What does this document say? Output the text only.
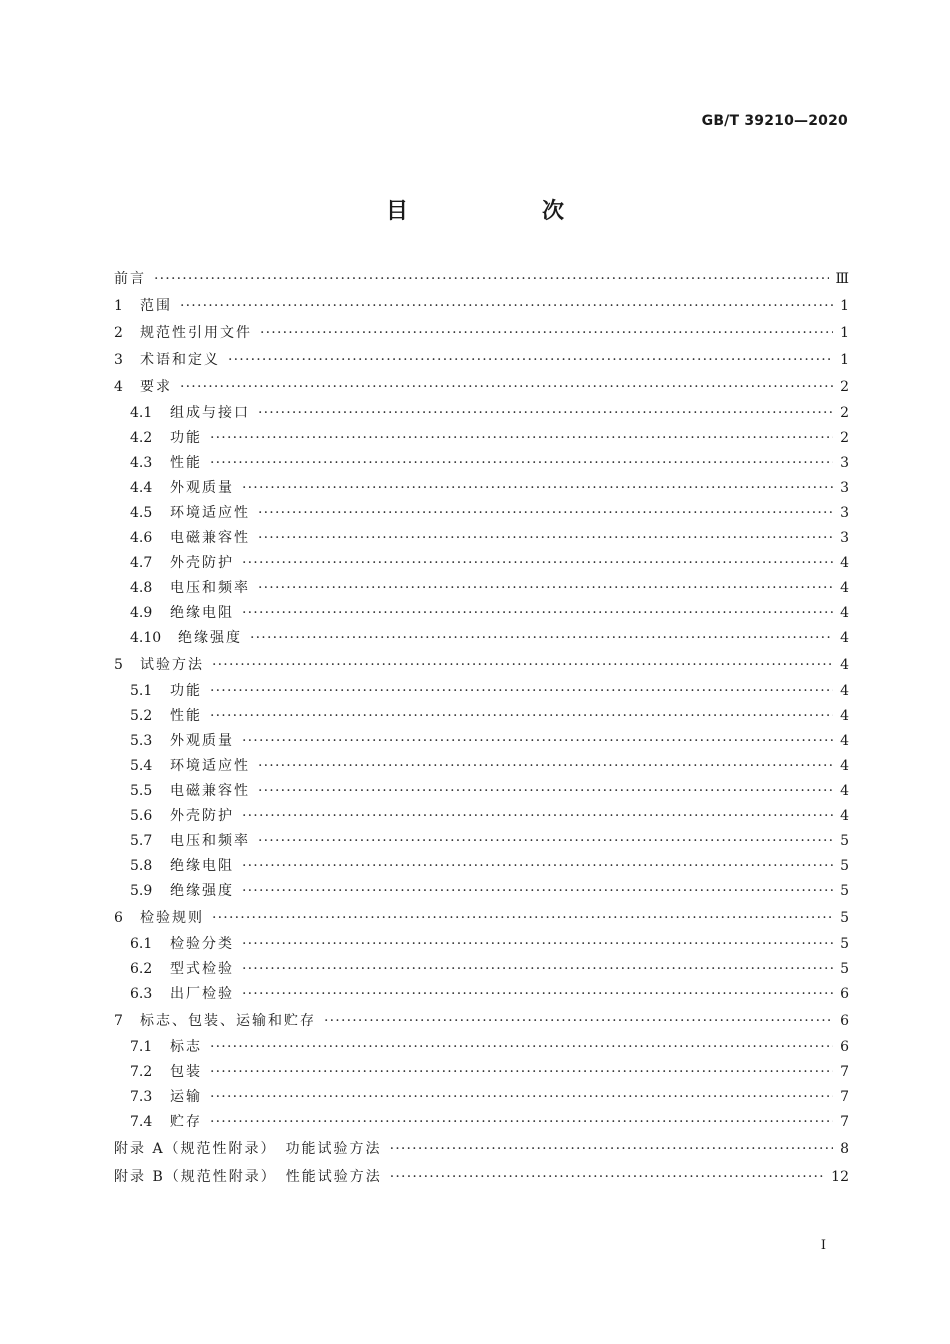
GB/T 39210—2020
目　次
前言 ·····	Ⅲ
1	范围 ·····	1
2	规范性引用文件 ·····	1
3	术语和定义 ·····	1
4	要求 ·····	2
4.1	组成与接口 ·····	2
4.2	功能 ·····	2
4.3	性能 ·····	3
4.4	外观质量 ·····	3
4.5	环境适应性 ·····	3
4.6	电磁兼容性 ·····	3
4.7	外壳防护 ·····	4
4.8	电压和频率 ·····	4
4.9	绝缘电阻 ·····	4
4.10	绝缘强度 ·····	4
5	试验方法 ·····	4
5.1	功能 ·····	4
5.2	性能 ·····	4
5.3	外观质量 ·····	4
5.4	环境适应性 ·····	4
5.5	电磁兼容性 ·····	4
5.6	外壳防护 ·····	4
5.7	电压和频率 ·····	5
5.8	绝缘电阻 ·····	5
5.9	绝缘强度 ·····	5
6	检验规则 ·····	5
6.1	检验分类 ·····	5
6.2	型式检验 ·····	5
6.3	出厂检验 ·····	6
7	标志、包装、运输和贮存 ·····	6
7.1	标志 ·····	6
7.2	包装 ·····	7
7.3	运输 ·····	7
7.4	贮存 ·····	7
附录 A（规范性附录）　功能试验方法 ·····	8
附录 B（规范性附录）　性能试验方法 ·····	12
Ⅰ
